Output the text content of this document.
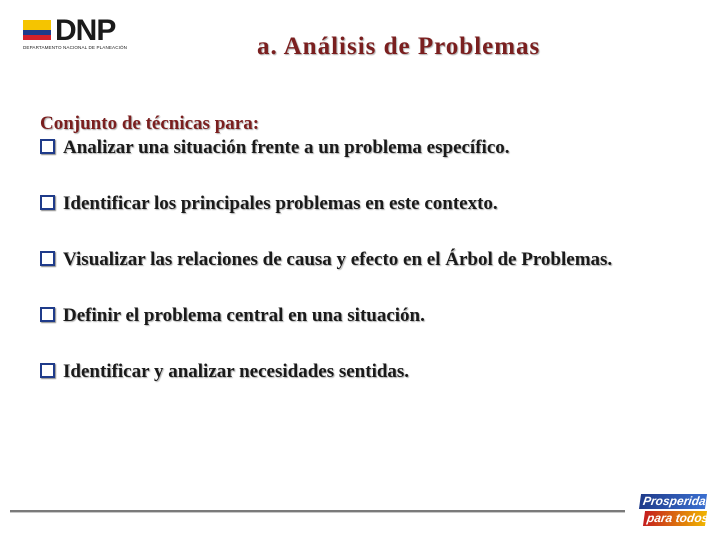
DNP
DEPARTAMENTO NACIONAL DE PLANEACIÓN	a. Análisis de Problemas

Conjunto de técnicas para:

Analizar una situación frente a un problema específico.

Identificar los principales problemas en este contexto.

Visualizar las relaciones de causa y efecto en el Árbol de Problemas.

Definir el problema central en una situación.

Identificar y analizar necesidades sentidas.

Prosperidad
para todos
